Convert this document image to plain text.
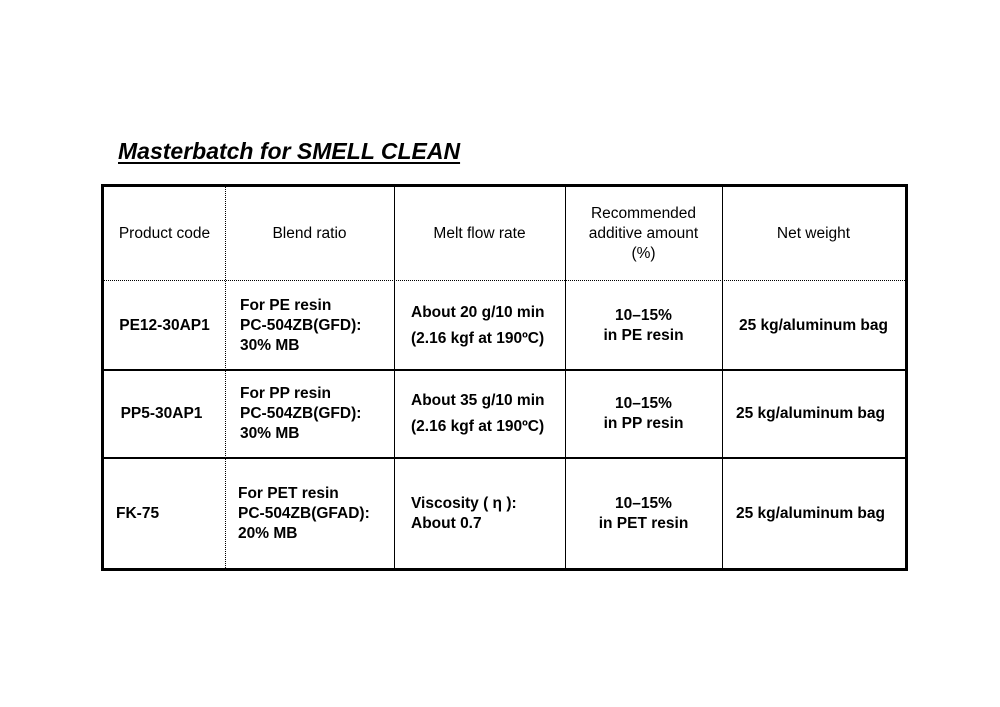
Masterbatch for SMELL CLEAN
Product code	Blend ratio	Melt flow rate
Recommended
additive amount
(%)
Net weight
PE12-30AP1
For PE resin
PC-504ZB(GFD):
30% MB
About 20 g/10 min
(2.16 kgf at 190ºC)
10–15%
in PE resin
25 kg/aluminum bag
PP5-30AP1
For PP resin
PC-504ZB(GFD):
30% MB
About 35 g/10 min
(2.16 kgf at 190ºC)
10–15%
in PP resin
25 kg/aluminum bag
FK-75
For PET resin
PC-504ZB(GFAD):
20% MB
Viscosity ( η ):
About 0.7
10–15%
in PET resin
25 kg/aluminum bag
